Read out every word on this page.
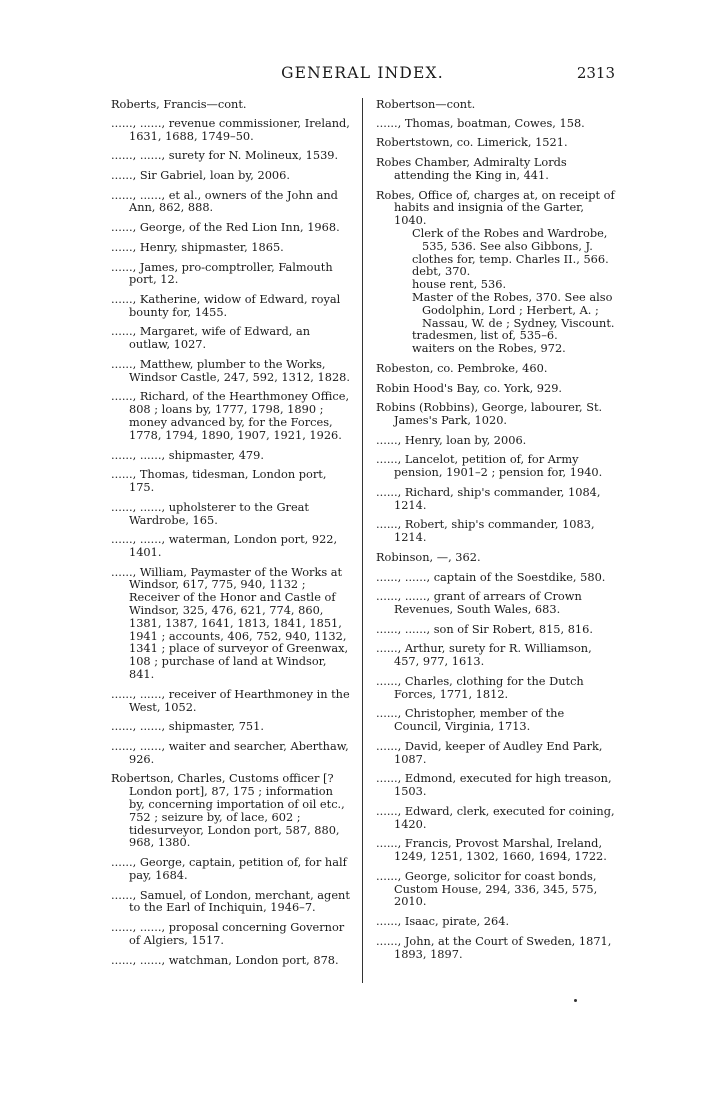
GENERAL INDEX.	2313
Roberts, Francis—cont.
......, ......, revenue commissioner, Ireland, 1631, 1688, 1749–50.
......, ......, surety for N. Molineux, 1539.
......, Sir Gabriel, loan by, 2006.
......, ......, et al., owners of the John and Ann, 862, 888.
......, George, of the Red Lion Inn, 1968.
......, Henry, shipmaster, 1865.
......, James, pro-comptroller, Falmouth port, 12.
......, Katherine, widow of Edward, royal bounty for, 1455.
......, Margaret, wife of Edward, an outlaw, 1027.
......, Matthew, plumber to the Works, Windsor Castle, 247, 592, 1312, 1828.
......, Richard, of the Hearthmoney Office, 808 ; loans by, 1777, 1798, 1890 ; money advanced by, for the Forces, 1778, 1794, 1890, 1907, 1921, 1926.
......, ......, shipmaster, 479.
......, Thomas, tidesman, London port, 175.
......, ......, upholsterer to the Great Wardrobe, 165.
......, ......, waterman, London port, 922, 1401.
......, William, Paymaster of the Works at Windsor, 617, 775, 940, 1132 ; Receiver of the Honor and Castle of Windsor, 325, 476, 621, 774, 860, 1381, 1387, 1641, 1813, 1841, 1851, 1941 ; accounts, 406, 752, 940, 1132, 1341 ; place of surveyor of Greenwax, 108 ; purchase of land at Windsor, 841.
......, ......, receiver of Hearthmoney in the West, 1052.
......, ......, shipmaster, 751.
......, ......, waiter and searcher, Aberthaw, 926.
Robertson, Charles, Customs officer [? London port], 87, 175 ; information by, concerning importation of oil etc., 752 ; seizure by, of lace, 602 ; tidesurveyor, London port, 587, 880, 968, 1380.
......, George, captain, petition of, for half pay, 1684.
......, Samuel, of London, merchant, agent to the Earl of Inchiquin, 1946–7.
......, ......, proposal concerning Governor of Algiers, 1517.
......, ......, watchman, London port, 878.
Robertson—cont.
......, Thomas, boatman, Cowes, 158.
Robertstown, co. Limerick, 1521.
Robes Chamber, Admiralty Lords attending the King in, 441.
Robes, Office of, charges at, on receipt of habits and insignia of the Garter, 1040.
Clerk of the Robes and Wardrobe, 535, 536. See also Gibbons, J.
clothes for, temp. Charles II., 566.
debt, 370.
house rent, 536.
Master of the Robes, 370. See also Godolphin, Lord ; Herbert, A. ; Nassau, W. de ; Sydney, Viscount.
tradesmen, list of, 535–6.
waiters on the Robes, 972.
Robeston, co. Pembroke, 460.
Robin Hood's Bay, co. York, 929.
Robins (Robbins), George, labourer, St. James's Park, 1020.
......, Henry, loan by, 2006.
......, Lancelot, petition of, for Army pension, 1901–2 ; pension for, 1940.
......, Richard, ship's commander, 1084, 1214.
......, Robert, ship's commander, 1083, 1214.
Robinson, —, 362.
......, ......, captain of the Soestdike, 580.
......, ......, grant of arrears of Crown Revenues, South Wales, 683.
......, ......, son of Sir Robert, 815, 816.
......, Arthur, surety for R. Williamson, 457, 977, 1613.
......, Charles, clothing for the Dutch Forces, 1771, 1812.
......, Christopher, member of the Council, Virginia, 1713.
......, David, keeper of Audley End Park, 1087.
......, Edmond, executed for high treason, 1503.
......, Edward, clerk, executed for coining, 1420.
......, Francis, Provost Marshal, Ireland, 1249, 1251, 1302, 1660, 1694, 1722.
......, George, solicitor for coast bonds, Custom House, 294, 336, 345, 575, 2010.
......, Isaac, pirate, 264.
......, John, at the Court of Sweden, 1871, 1893, 1897.
